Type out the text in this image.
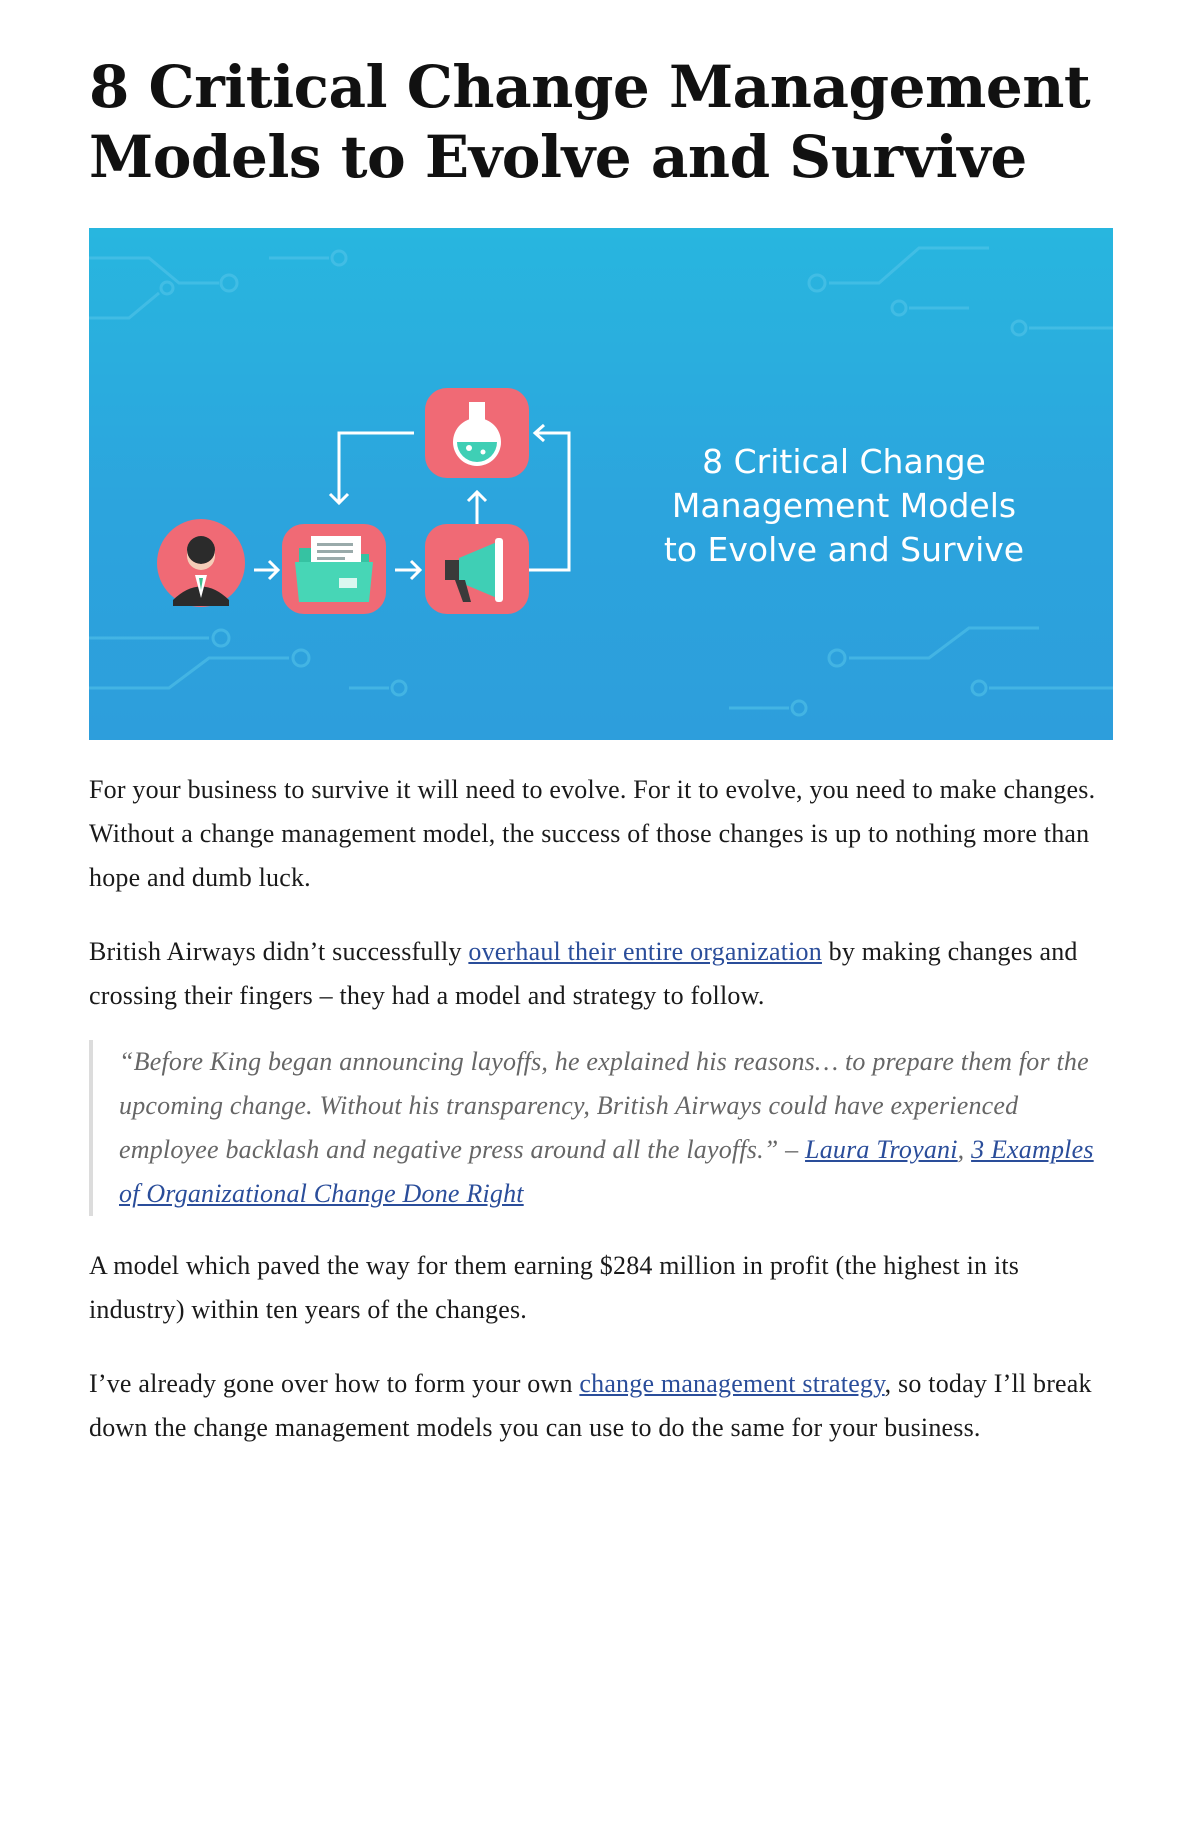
8 Critical Change Management Models to Evolve and Survive
8 Critical Change
Management Models
to Evolve and Survive

For your business to survive it will need to evolve. For it to evolve, you need to make changes. Without a change management model, the success of those changes is up to nothing more than hope and dumb luck.

British Airways didn’t successfully overhaul their entire organization by making changes and crossing their fingers – they had a model and strategy to follow.

“Before King began announcing layoffs, he explained his reasons… to prepare them for the upcoming change. Without his transparency, British Airways could have experienced employee backlash and negative press around all the layoffs.” – Laura Troyani, 3 Examples of Organizational Change Done Right

A model which paved the way for them earning $284 million in profit (the highest in its industry) within ten years of the changes.

I’ve already gone over how to form your own change management strategy, so today I’ll break down the change management models you can use to do the same for your business.
